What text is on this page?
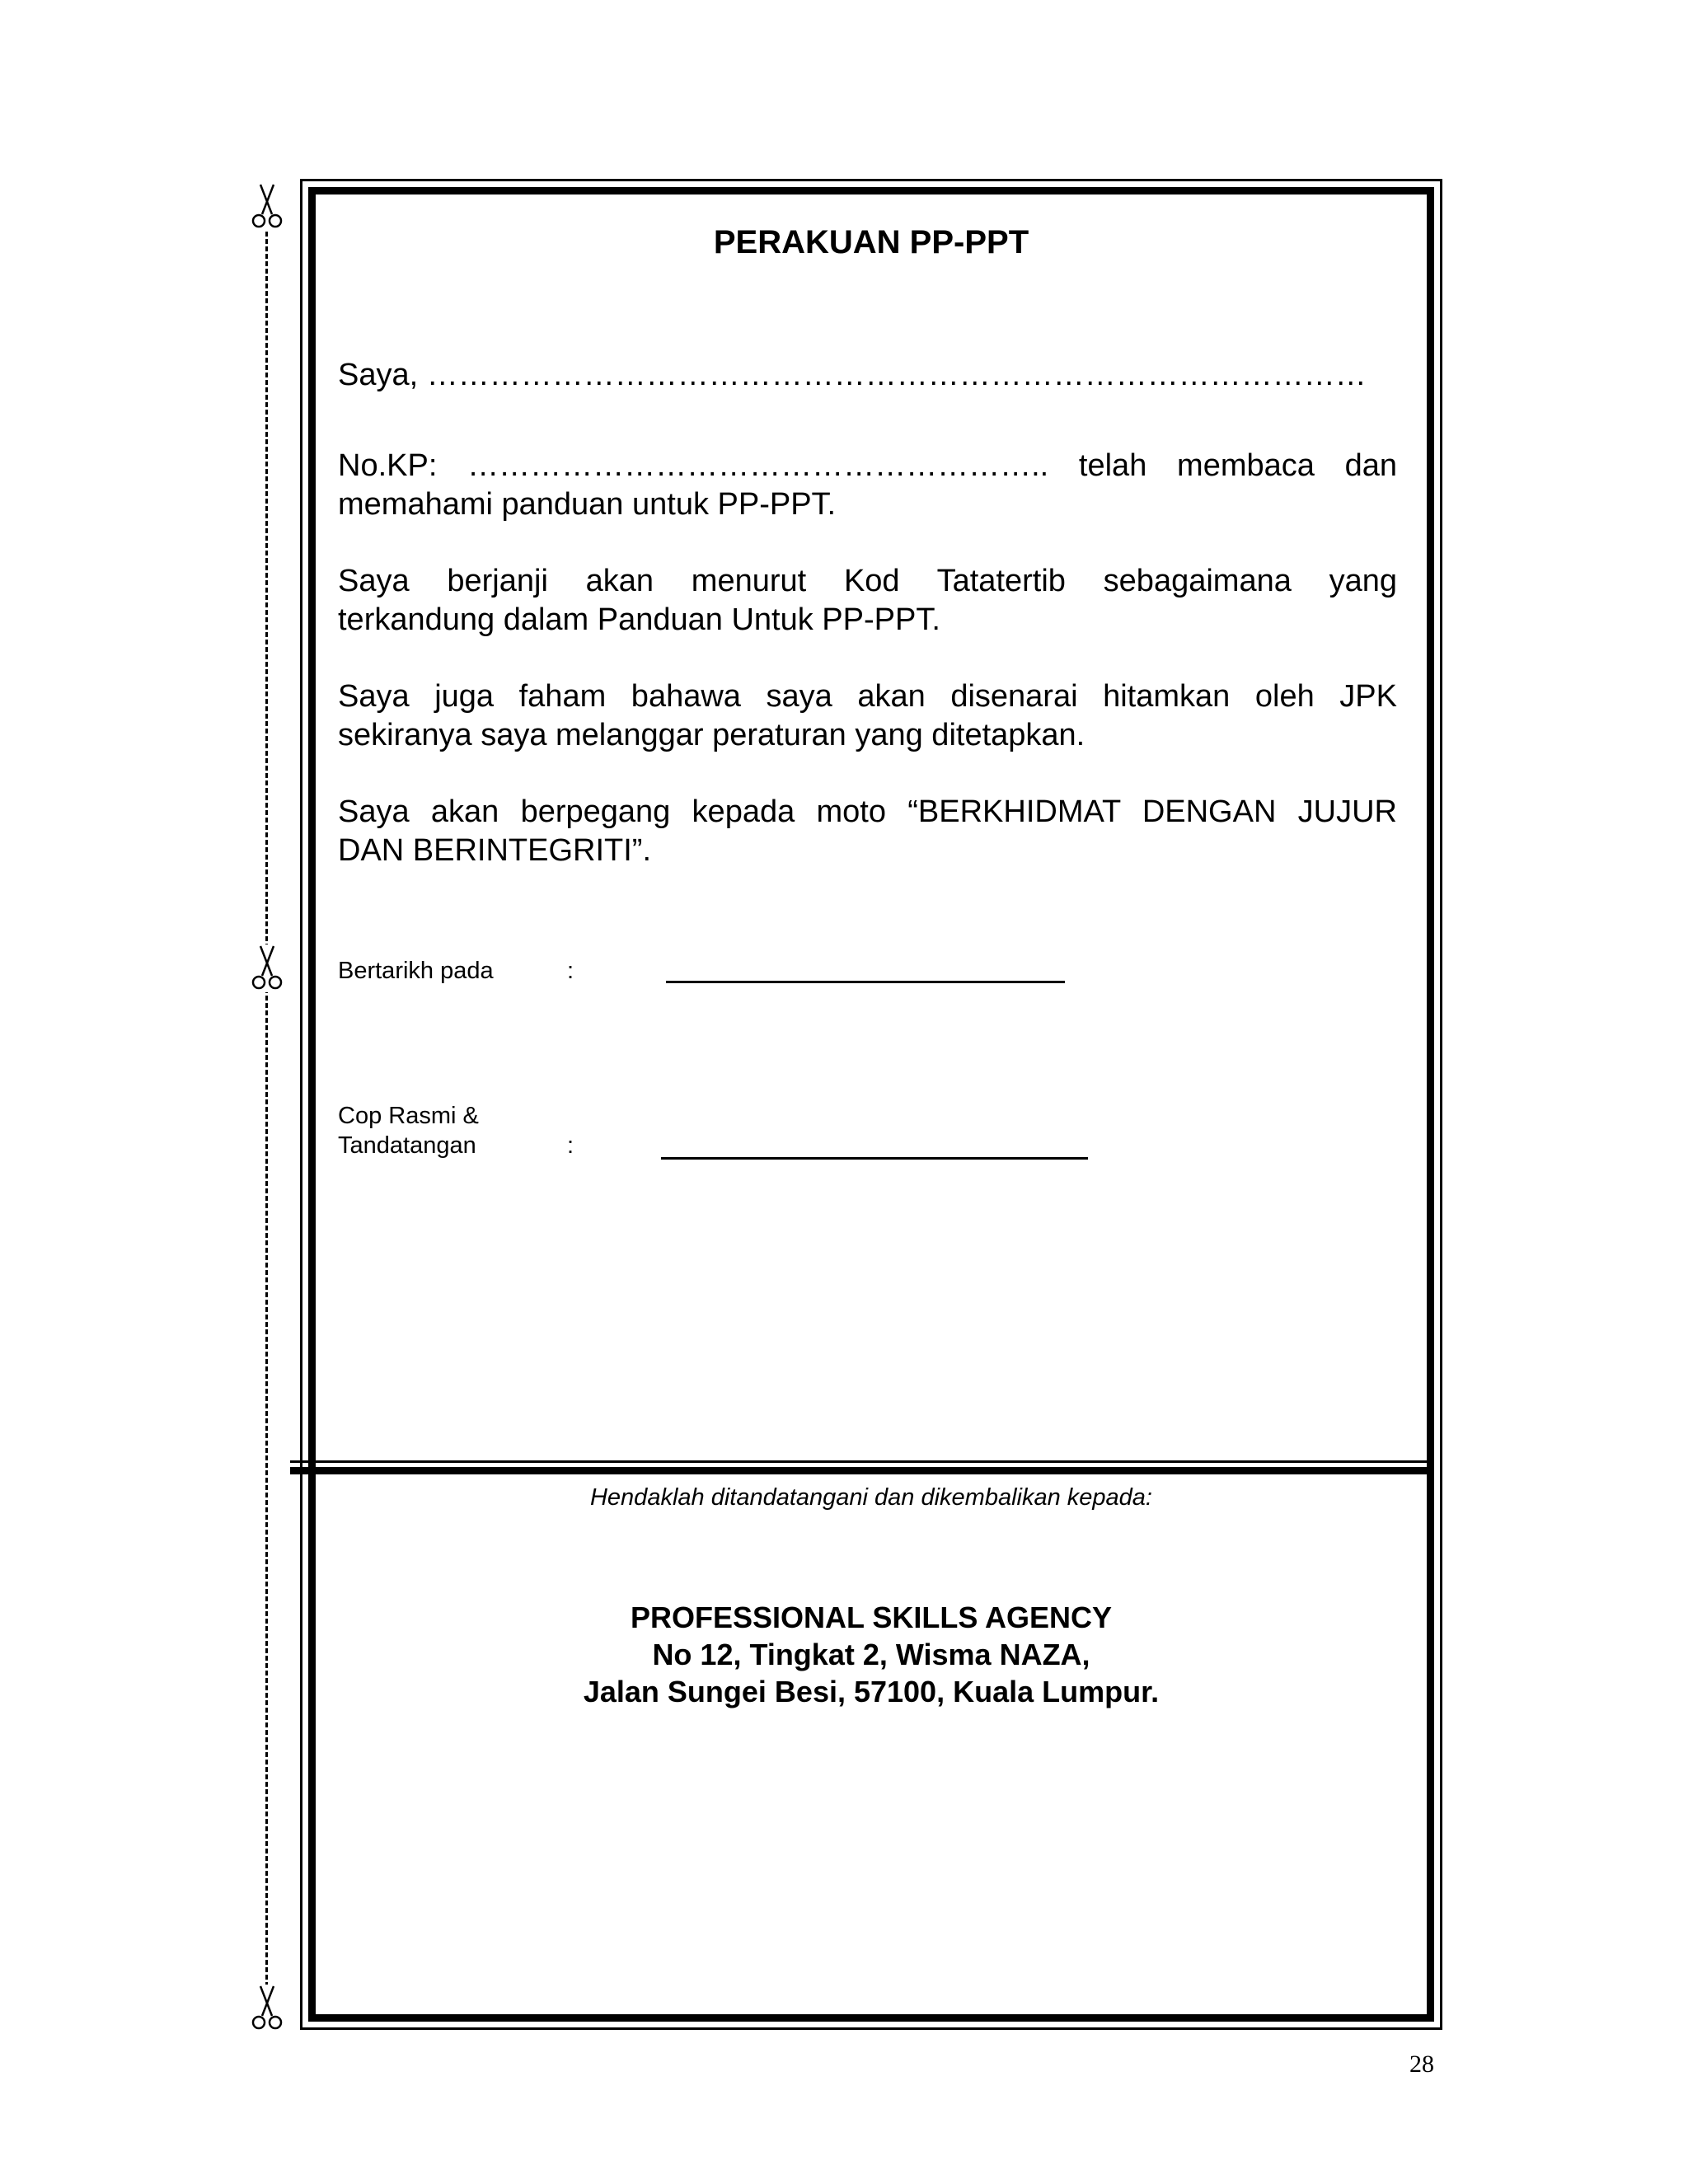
PERAKUAN PP-PPT
Saya, ………………………………………………………………………………
No.KP: ……………………………………………….. telah membaca dan
memahami panduan untuk PP-PPT.
Saya berjanji akan menurut Kod Tatatertib sebagaimana yang
terkandung dalam Panduan Untuk PP-PPT.
Saya juga faham bahawa saya akan disenarai hitamkan oleh JPK
sekiranya saya melanggar peraturan yang ditetapkan.
Saya akan berpegang kepada moto “BERKHIDMAT DENGAN JUJUR
DAN BERINTEGRITI”.
Bertarikh pada	:
Cop Rasmi &
Tandatangan	:
Hendaklah ditandatangani dan dikembalikan kepada:
PROFESSIONAL SKILLS AGENCY
No 12, Tingkat 2, Wisma NAZA,
Jalan Sungei Besi, 57100, Kuala Lumpur.
28
